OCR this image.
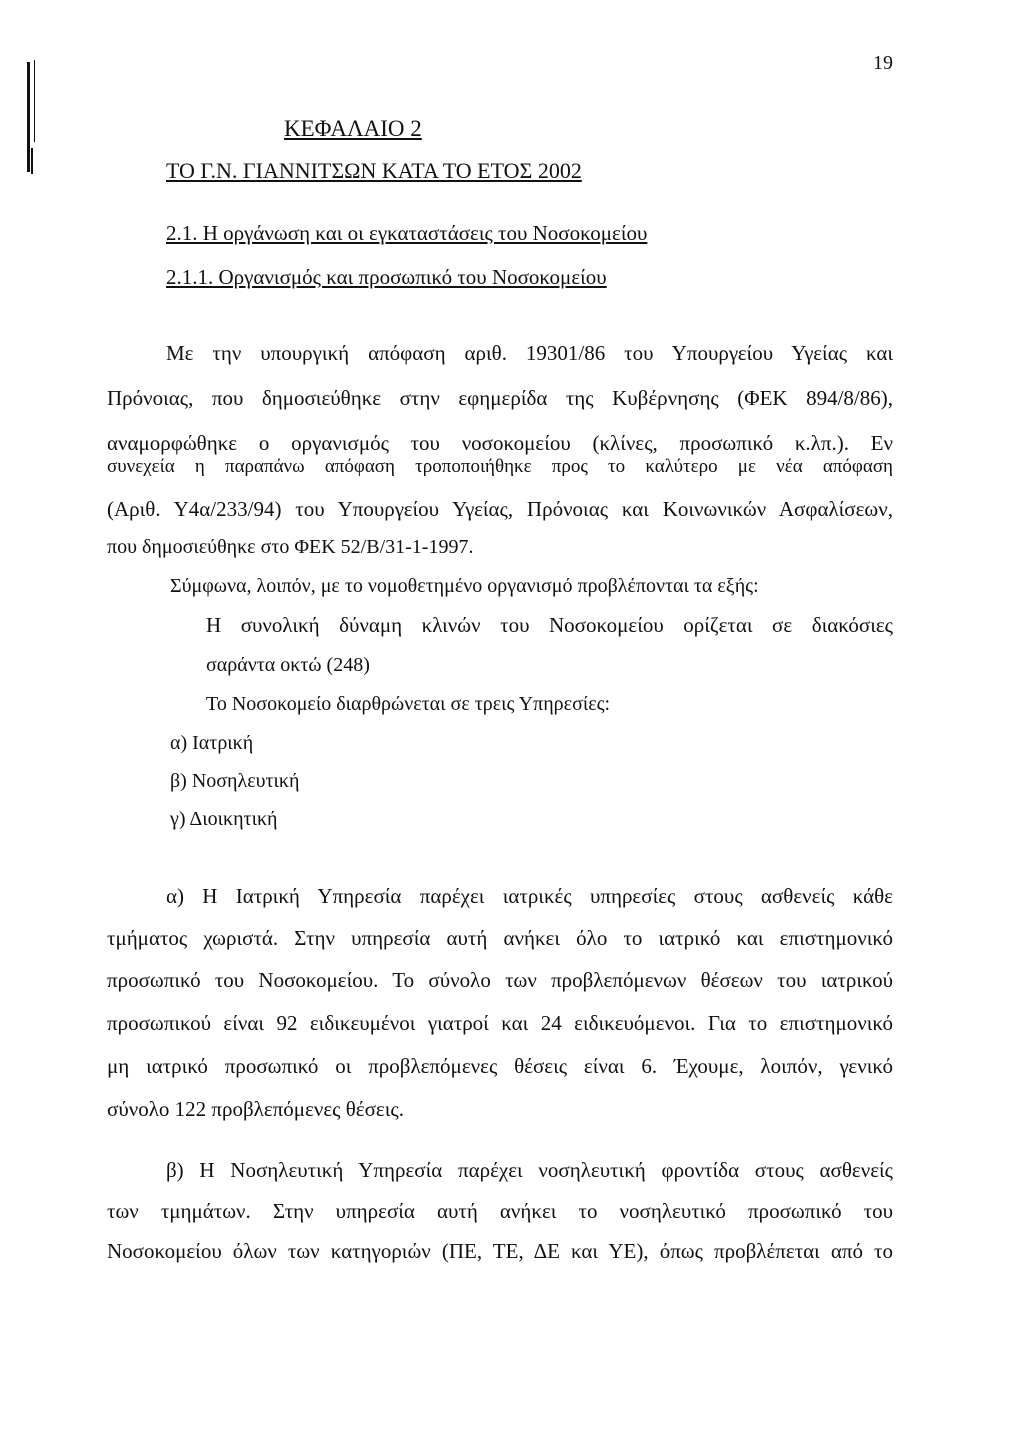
19
ΚΕΦΑΛΑΙΟ 2
ΤΟ Γ.Ν. ΓΙΑΝΝΙΤΣΩΝ ΚΑΤΑ ΤΟ ΕΤΟΣ 2002
2.1. Η οργάνωση και οι εγκαταστάσεις του Νοσοκομείου
2.1.1. Οργανισμός και προσωπικό του Νοσοκομείου
Με την υπουργική απόφαση αριθ. 19301/86 του Υπουργείου Υγείας και
Πρόνοιας, που δημοσιεύθηκε στην εφημερίδα της Κυβέρνησης (ΦΕΚ 894/8/86),
αναμορφώθηκε ο οργανισμός του νοσοκομείου (κλίνες, προσωπικό κ.λπ.). Εν
συνεχεία η παραπάνω απόφαση τροποποιήθηκε προς το καλύτερο με νέα απόφαση
(Αριθ. Υ4α/233/94) του Υπουργείου Υγείας, Πρόνοιας και Κοινωνικών Ασφαλίσεων,
που δημοσιεύθηκε στο ΦΕΚ 52/Β/31-1-1997.
Σύμφωνα, λοιπόν, με το νομοθετημένο οργανισμό προβλέπονται τα εξής:
Η συνολική δύναμη κλινών του Νοσοκομείου ορίζεται σε διακόσιες
σαράντα οκτώ (248)
Το Νοσοκομείο διαρθρώνεται σε τρεις Υπηρεσίες:
α) Ιατρική
β) Νοσηλευτική
γ) Διοικητική
α) Η Ιατρική Υπηρεσία παρέχει ιατρικές υπηρεσίες στους ασθενείς κάθε
τμήματος χωριστά. Στην υπηρεσία αυτή ανήκει όλο το ιατρικό και επιστημονικό
προσωπικό του Νοσοκομείου. Το σύνολο των προβλεπόμενων θέσεων του ιατρικού
προσωπικού είναι 92 ειδικευμένοι γιατροί και 24 ειδικευόμενοι. Για το επιστημονικό
μη ιατρικό προσωπικό οι προβλεπόμενες θέσεις είναι 6. Έχουμε, λοιπόν, γενικό
σύνολο 122 προβλεπόμενες θέσεις.
β) Η Νοσηλευτική Υπηρεσία παρέχει νοσηλευτική φροντίδα στους ασθενείς
των τμημάτων. Στην υπηρεσία αυτή ανήκει το νοσηλευτικό προσωπικό του
Νοσοκομείου όλων των κατηγοριών (ΠΕ, ΤΕ, ΔΕ και ΥΕ), όπως προβλέπεται από το
